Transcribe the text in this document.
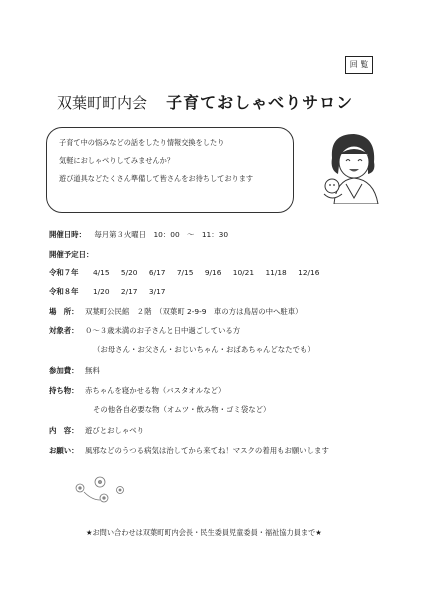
回 覧
双葉町町内会 子育ておしゃべりサロン

子育て中の悩みなどの話をしたり情報交換をしたり

気軽におしゃべりしてみませんか？

遊び道具などたくさん準備して皆さんをお待ちしております

開催日時： 毎月第３火曜日　10：00　～　11：30
開催予定日：
令和７年 4/15 5/20 6/17 7/15 9/16 10/21 11/18 12/16
令和８年 1/20 2/17 3/17
場　所： 双葉町公民館　２階　（双葉町 2-9-9　車の方は鳥居の中へ駐車）
対象者： ０～３歳未満のお子さんと日中過ごしている方
（お母さん・お父さん・おじいちゃん・おばあちゃんどなたでも）
参加費： 無料
持ち物： 赤ちゃんを寝かせる物（バスタオルなど）
その他各自必要な物（オムツ・飲み物・ゴミ袋など）
内　容： 遊びとおしゃべり
お願い： 風邪などのうつる病気は治してから来てね！マスクの着用もお願いします
★お問い合わせは双葉町町内会長・民生委員児童委員・福祉協力員まで★
